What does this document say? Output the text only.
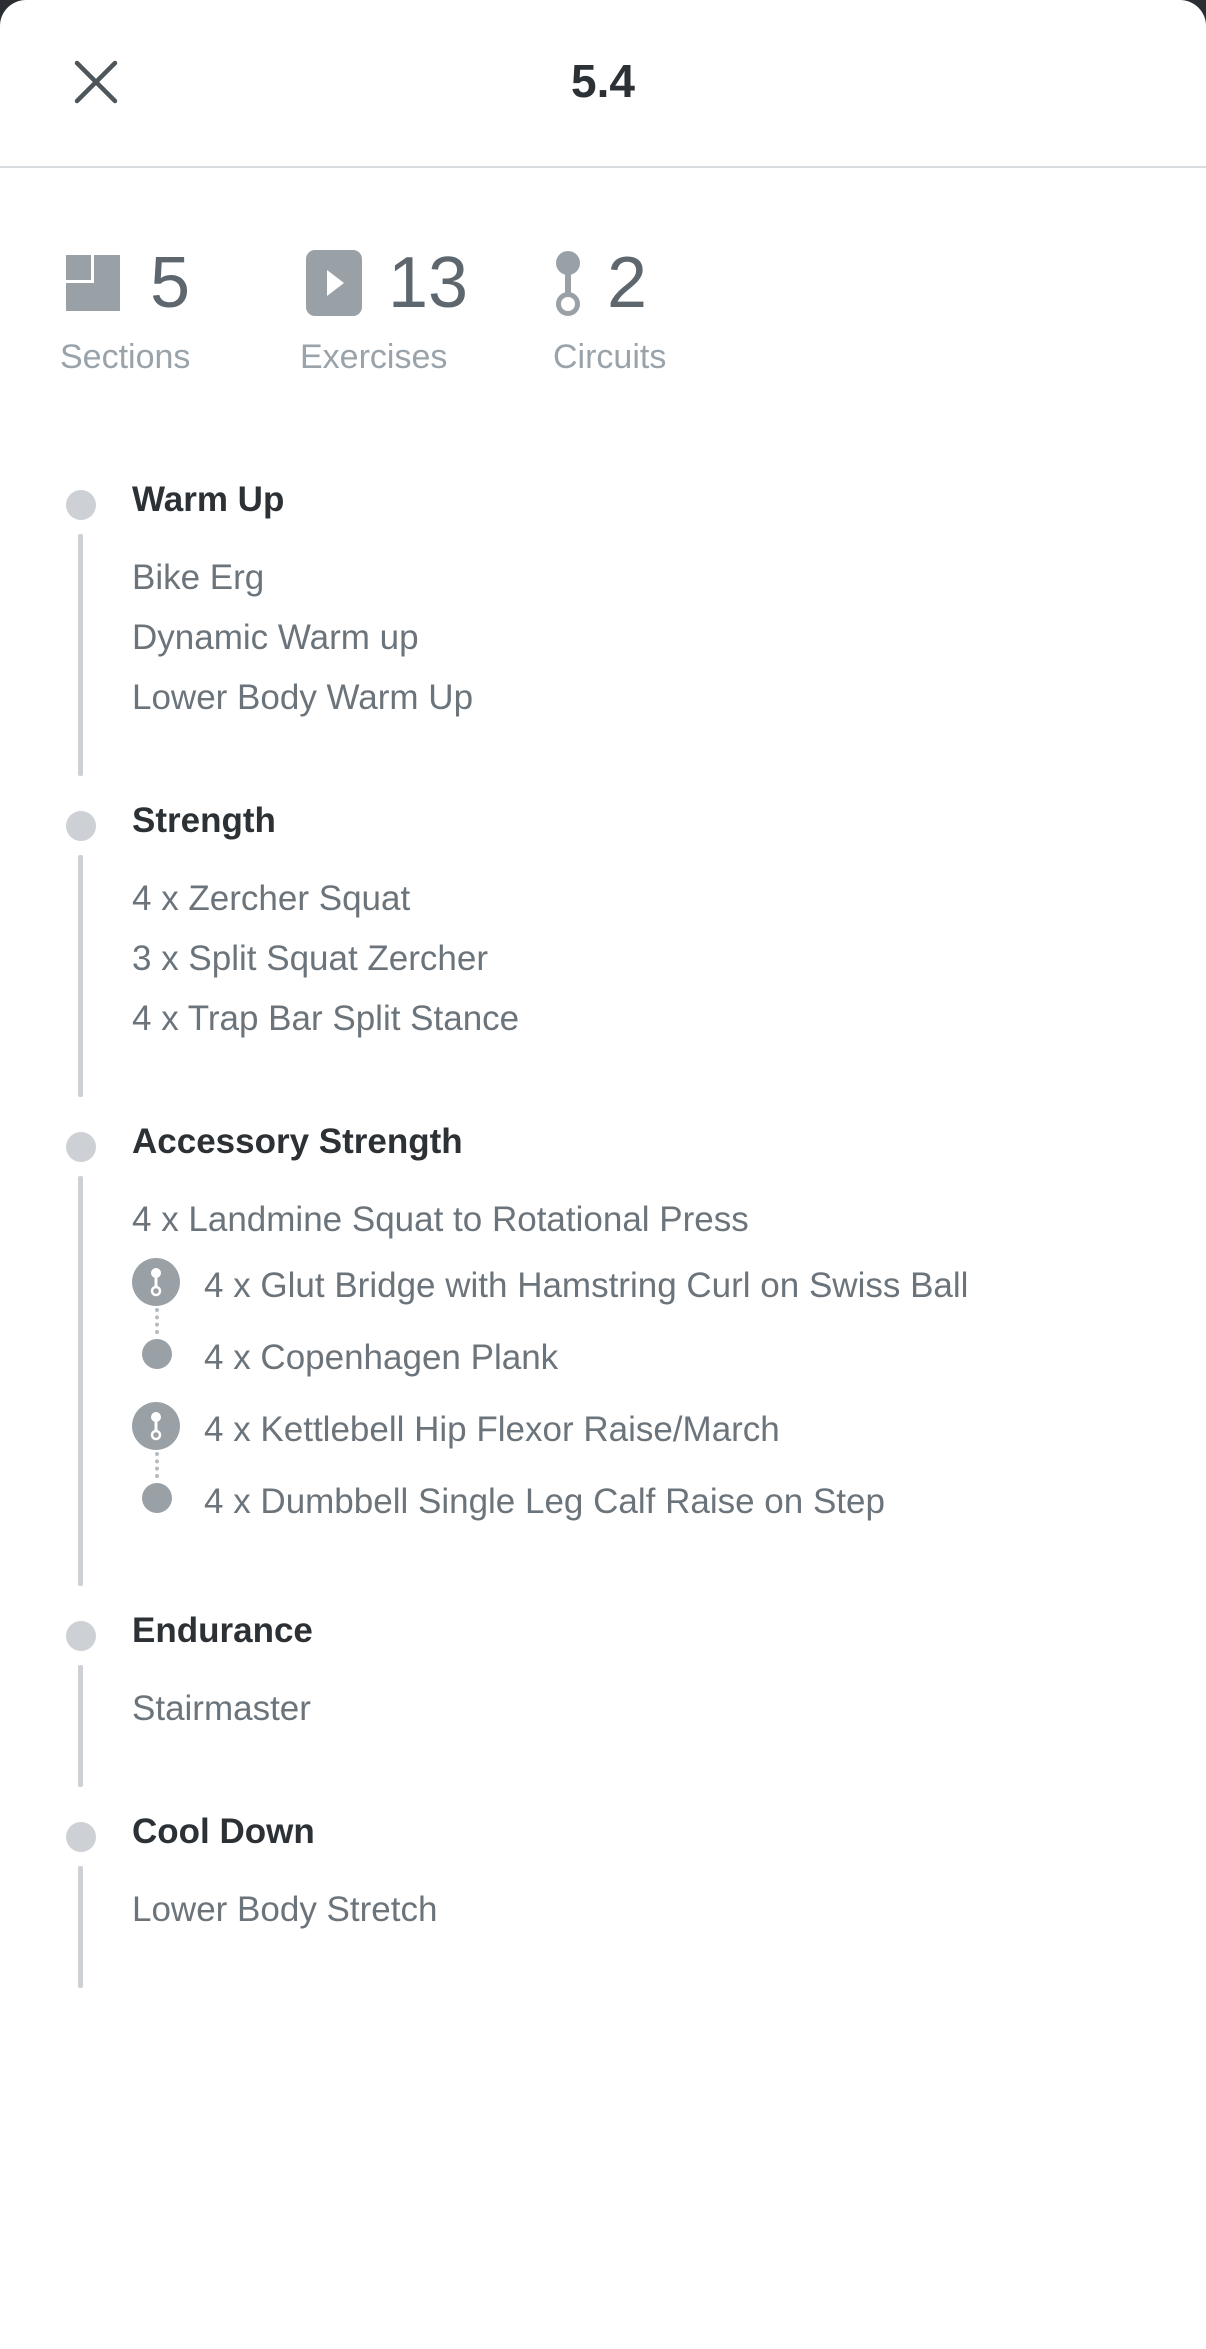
5.4
5
Sections
13
Exercises
2
Circuits
Warm Up
Bike Erg
Dynamic Warm up
Lower Body Warm Up
Strength
4 x Zercher Squat
3 x Split Squat Zercher
4 x Trap Bar Split Stance
Accessory Strength
4 x Landmine Squat to Rotational Press
4 x Glut Bridge with Hamstring Curl on Swiss Ball
4 x Copenhagen Plank
4 x Kettlebell Hip Flexor Raise/March
4 x Dumbbell Single Leg Calf Raise on Step
Endurance
Stairmaster
Cool Down
Lower Body Stretch
